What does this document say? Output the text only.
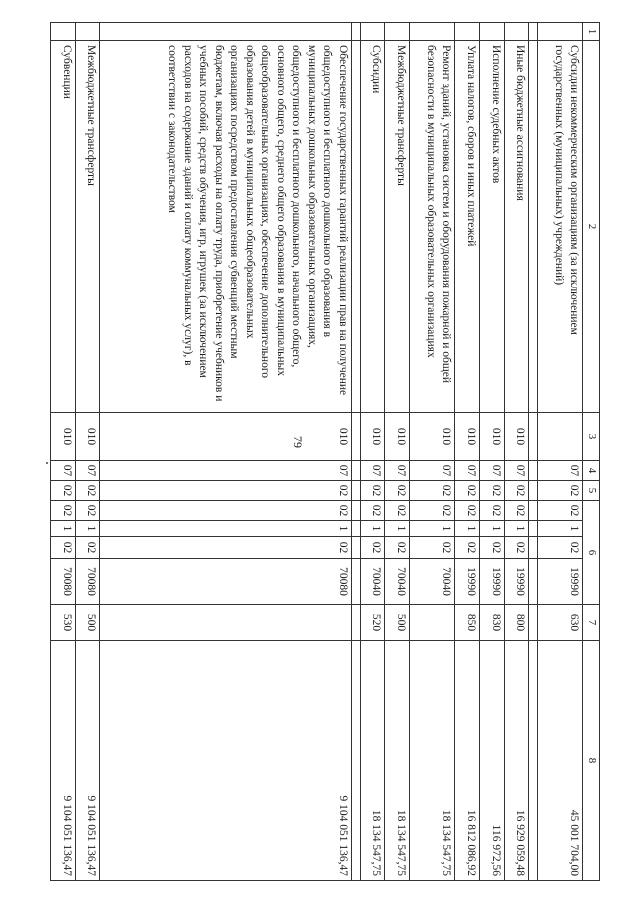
79
1	2	3	4	5	6				7	8
	Субсидии некоммерческим организациям (за исключением государственных (муниципальных) учреждений)		07	02	02	1	02	19990	630	45 001 704,00

	Иные бюджетные ассигнования	010	07	02	02	1	02	19990	800	16 929 059,48
	Исполнение судебных актов	010	07	02	02	1	02	19990	830	116 972,56
	Уплата налогов, сборов и иных платежей	010	07	02	02	1	02	19990	850	16 812 086,92
	Ремонт зданий, установка систем и оборудования пожарной и общей безопасности в муниципальных образовательных организациях	010	07	02	02	1	02	70040		18 134 547,75
	Межбюджетные трансферты	010	07	02	02	1	02	70040	500	18 134 547,75
	Субсидии	010	07	02	02	1	02	70040	520	18 134 547,75

	Обеспечение государственных гарантий реализации прав на получение общедоступного и бесплатного дошкольного образования в муниципальных дошкольных образовательных организациях, общедоступного и бесплатного дошкольного, начального общего, основного общего, среднего общего образования в муниципальных общеобразовательных организациях, обеспечение дополнительного образования детей в муниципальных общеобразовательных организациях посредством предоставления субвенций местным бюджетам, включая расходы на оплату труда, приобретение учебников и учебных пособий, средств обучения, игр, игрушек (за исключением расходов на содержание зданий и оплату коммунальных услуг), в соответствии с законодательством	010	07	02	02	1	02	70080		9 104 051 136,47
	Межбюджетные трансферты	010	07	02	02	1	02	70080	500	9 104 051 136,47
	Субвенции	010	07	02	02	1	02	70080	530	9 104 051 136,47
